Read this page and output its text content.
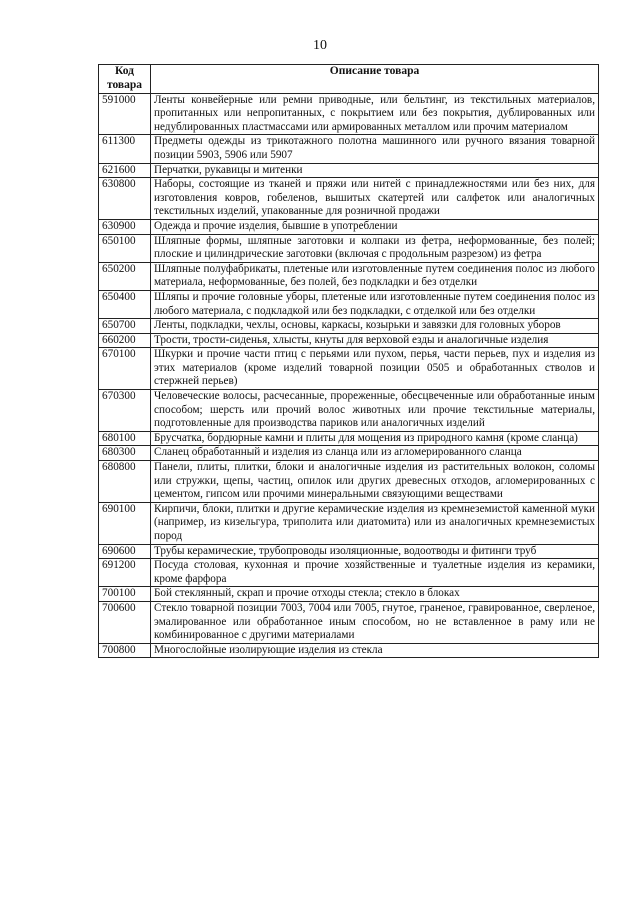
10
Код товара	Описание товара
591000	Ленты конвейерные или ремни приводные, или бельтинг, из текстильных материалов, пропитанных или непропитанных, с покрытием или без покрытия, дублированных или недублированных пластмассами или армированных металлом или прочим материалом
611300	Предметы одежды из трикотажного полотна машинного или ручного вязания товарной позиции 5903, 5906 или 5907
621600	Перчатки, рукавицы и митенки
630800	Наборы, состоящие из тканей и пряжи или нитей с принадлежностями или без них, для изготовления ковров, гобеленов, вышитых скатертей или салфеток или аналогичных текстильных изделий, упакованные для розничной продажи
630900	Одежда и прочие изделия, бывшие в употреблении
650100	Шляпные формы, шляпные заготовки и колпаки из фетра, неформованные, без полей; плоские и цилиндрические заготовки (включая с продольным разрезом) из фетра
650200	Шляпные полуфабрикаты, плетеные или изготовленные путем соединения полос из любого материала, неформованные, без полей, без подкладки и без отделки
650400	Шляпы и прочие головные уборы, плетеные или изготовленные путем соединения полос из любого материала, с подкладкой или без подкладки, с отделкой или без отделки
650700	Ленты, подкладки, чехлы, основы, каркасы, козырьки и завязки для головных уборов
660200	Трости, трости-сиденья, хлысты, кнуты для верховой езды и аналогичные изделия
670100	Шкурки и прочие части птиц с перьями или пухом, перья, части перьев, пух и изделия из этих материалов (кроме изделий товарной позиции 0505 и обработанных стволов и стержней перьев)
670300	Человеческие волосы, расчесанные, прореженные, обесцвеченные или обработанные иным способом; шерсть или прочий волос животных или прочие текстильные материалы, подготовленные для производства париков или аналогичных изделий
680100	Брусчатка, бордюрные камни и плиты для мощения из природного камня (кроме сланца)
680300	Сланец обработанный и изделия из сланца или из агломерированного сланца
680800	Панели, плиты, плитки, блоки и аналогичные изделия из растительных волокон, соломы или стружки, щепы, частиц, опилок или других древесных отходов, агломерированных с цементом, гипсом или прочими минеральными связующими веществами
690100	Кирпичи, блоки, плитки и другие керамические изделия из кремнеземистой каменной муки (например, из кизельгура, триполита или диатомита) или из аналогичных кремнеземистых пород
690600	Трубы керамические, трубопроводы изоляционные, водоотводы и фитинги труб
691200	Посуда столовая, кухонная и прочие хозяйственные и туалетные изделия из керамики, кроме фарфора
700100	Бой стеклянный, скрап и прочие отходы стекла; стекло в блоках
700600	Стекло товарной позиции 7003, 7004 или 7005, гнутое, граненое, гравированное, сверленое, эмалированное или обработанное иным способом, но не вставленное в раму или не комбинированное с другими материалами
700800	Многослойные изолирующие изделия из стекла
